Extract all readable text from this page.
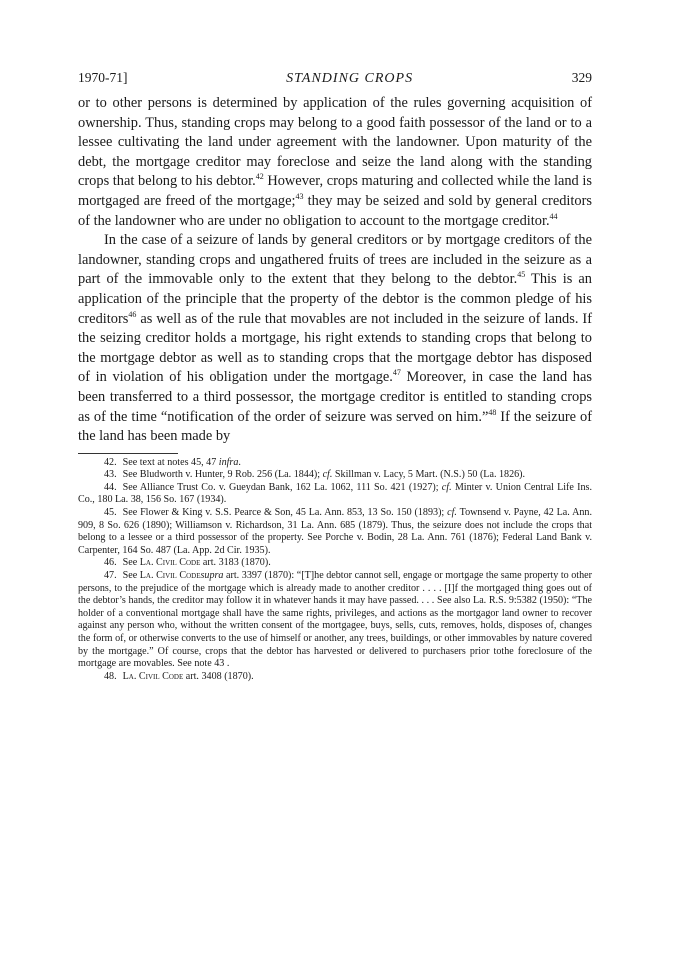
1970-71]	STANDING CROPS	329

or to other persons is determined by application of the rules governing acquisition of ownership. Thus, standing crops may belong to a good faith possessor of the land or to a lessee cultivating the land under agreement with the landowner. Upon maturity of the debt, the mortgage creditor may foreclose and seize the land along with the standing crops that belong to his debtor.$^{42}$ However, crops maturing and collected while the land is mortgaged are freed of the mortgage;$^{43}$ they may be seized and sold by general creditors of the landowner who are under no obligation to account to the mortgage creditor.$^{44}$

In the case of a seizure of lands by general creditors or by mortgage creditors of the landowner, standing crops and ungathered fruits of trees are included in the seizure as a part of the immovable only to the extent that they belong to the debtor.$^{45}$ This is an application of the principle that the property of the debtor is the common pledge of his creditors$^{46}$ as well as of the rule that movables are not included in the seizure of lands. If the seizing creditor holds a mortgage, his right extends to standing crops that belong to the mortgage debtor as well as to standing crops that the mortgage debtor has disposed of in violation of his obligation under the mortgage.$^{47}$ Moreover, in case the land has been transferred to a third possessor, the mortgage creditor is entitled to standing crops as of the time “notification of the order of seizure was served on him.”$^{48}$ If the seizure of the land has been made by

42. See text at notes 45, 47 infra.

43. See Bludworth v. Hunter, 9 Rob. 256 (La. 1844); cf. Skillman v. Lacy, 5 Mart. (N.S.) 50 (La. 1826).

44. See Alliance Trust Co. v. Gueydan Bank, 162 La. 1062, 111 So. 421 (1927); cf. Minter v. Union Central Life Ins. Co., 180 La. 38, 156 So. 167 (1934).

45. See Flower & King v. S.S. Pearce & Son, 45 La. Ann. 853, 13 So. 150 (1893); cf. Townsend v. Payne, 42 La. Ann. 909, 8 So. 626 (1890); Williamson v. Richardson, 31 La. Ann. 685 (1879). Thus, the seizure does not include the crops that belong to a lessee or a third possessor of the property. See Porche v. Bodin, 28 La. Ann. 761 (1876); Federal Land Bank v. Carpenter, 164 So. 487 (La. App. 2d Cir. 1935).

46. See La. Civil Code art. 3183 (1870).

47. See La. Civil Codesupra art. 3397 (1870): “[T]he debtor cannot sell, engage or mortgage the same property to other persons, to the prejudice of the mortgage which is already made to another creditor . . . . [I]f the mortgaged thing goes out of the debtor’s hands, the creditor may follow it in whatever hands it may have passed. . . . See also La. R.S. 9:5382 (1950): “The holder of a conventional mortgage shall have the same rights, privileges, and actions as the mortgagor land owner to recover against any person who, without the written consent of the mortgagee, buys, sells, cuts, removes, holds, disposes of, changes the form of, or otherwise converts to the use of himself or another, any trees, buildings, or other immovables by nature covered by the mortgage.” Of course, crops that the debtor has harvested or delivered to purchasers prior tothe foreclosure of the mortgage are movables. See note 43 .

48. La. Civil Code art. 3408 (1870).
